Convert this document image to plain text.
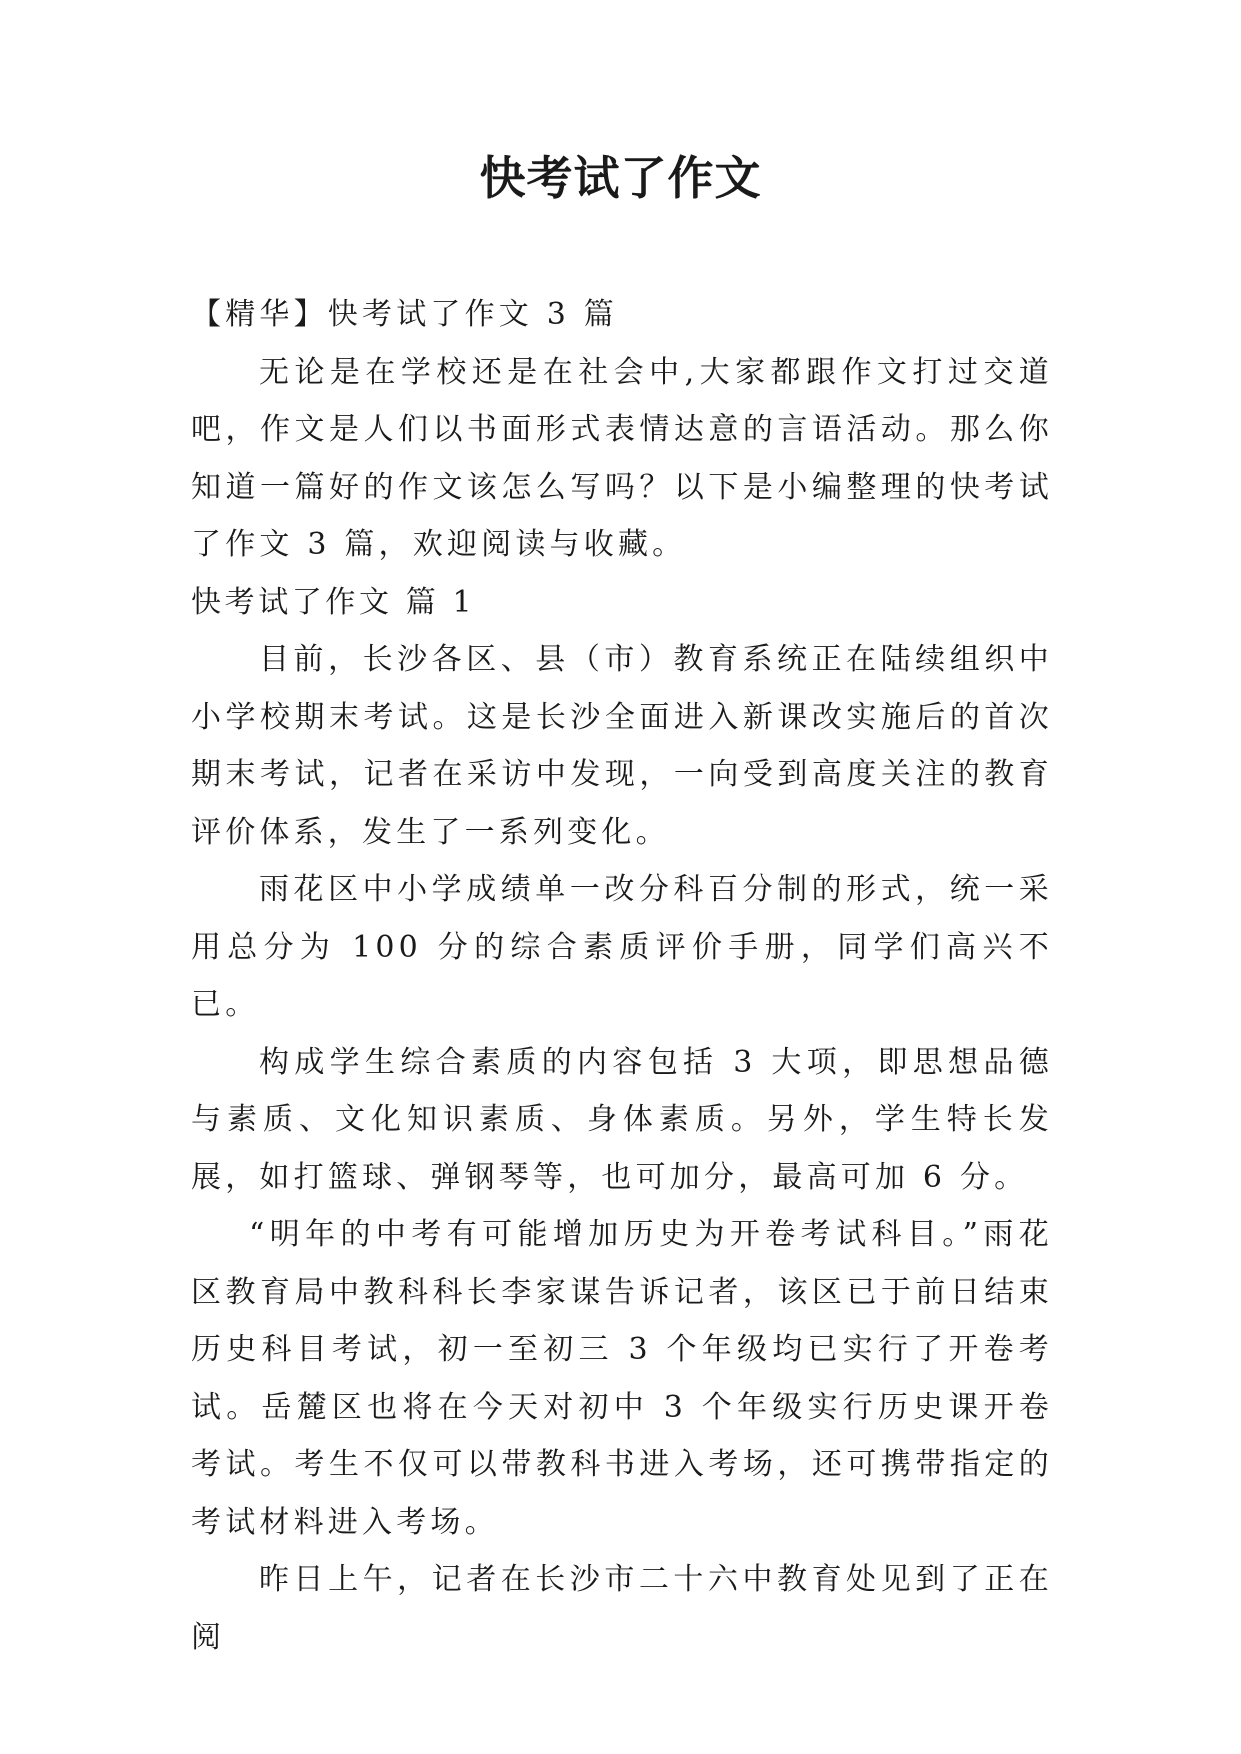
快考试了作文

【精华】快考试了作文 3 篇

无论是在学校还是在社会中,大家都跟作文打过交道吧，作文是人们以书面形式表情达意的言语活动。那么你知道一篇好的作文该怎么写吗？以下是小编整理的快考试了作文 3 篇，欢迎阅读与收藏。

快考试了作文 篇 1

目前，长沙各区、县（市）教育系统正在陆续组织中小学校期末考试。这是长沙全面进入新课改实施后的首次期末考试，记者在采访中发现，一向受到高度关注的教育评价体系，发生了一系列变化。

雨花区中小学成绩单一改分科百分制的形式，统一采用总分为 100 分的综合素质评价手册，同学们高兴不已。

构成学生综合素质的内容包括 3 大项，即思想品德与素质、文化知识素质、身体素质。另外，学生特长发展，如打篮球、弹钢琴等，也可加分，最高可加 6 分。

“明年的中考有可能增加历史为开卷考试科目。”雨花区教育局中教科科长李家谋告诉记者，该区已于前日结束历史科目考试，初一至初三 3 个年级均已实行了开卷考试。岳麓区也将在今天对初中 3 个年级实行历史课开卷考试。考生不仅可以带教科书进入考场，还可携带指定的考试材料进入考场。

昨日上午，记者在长沙市二十六中教育处见到了正在阅
